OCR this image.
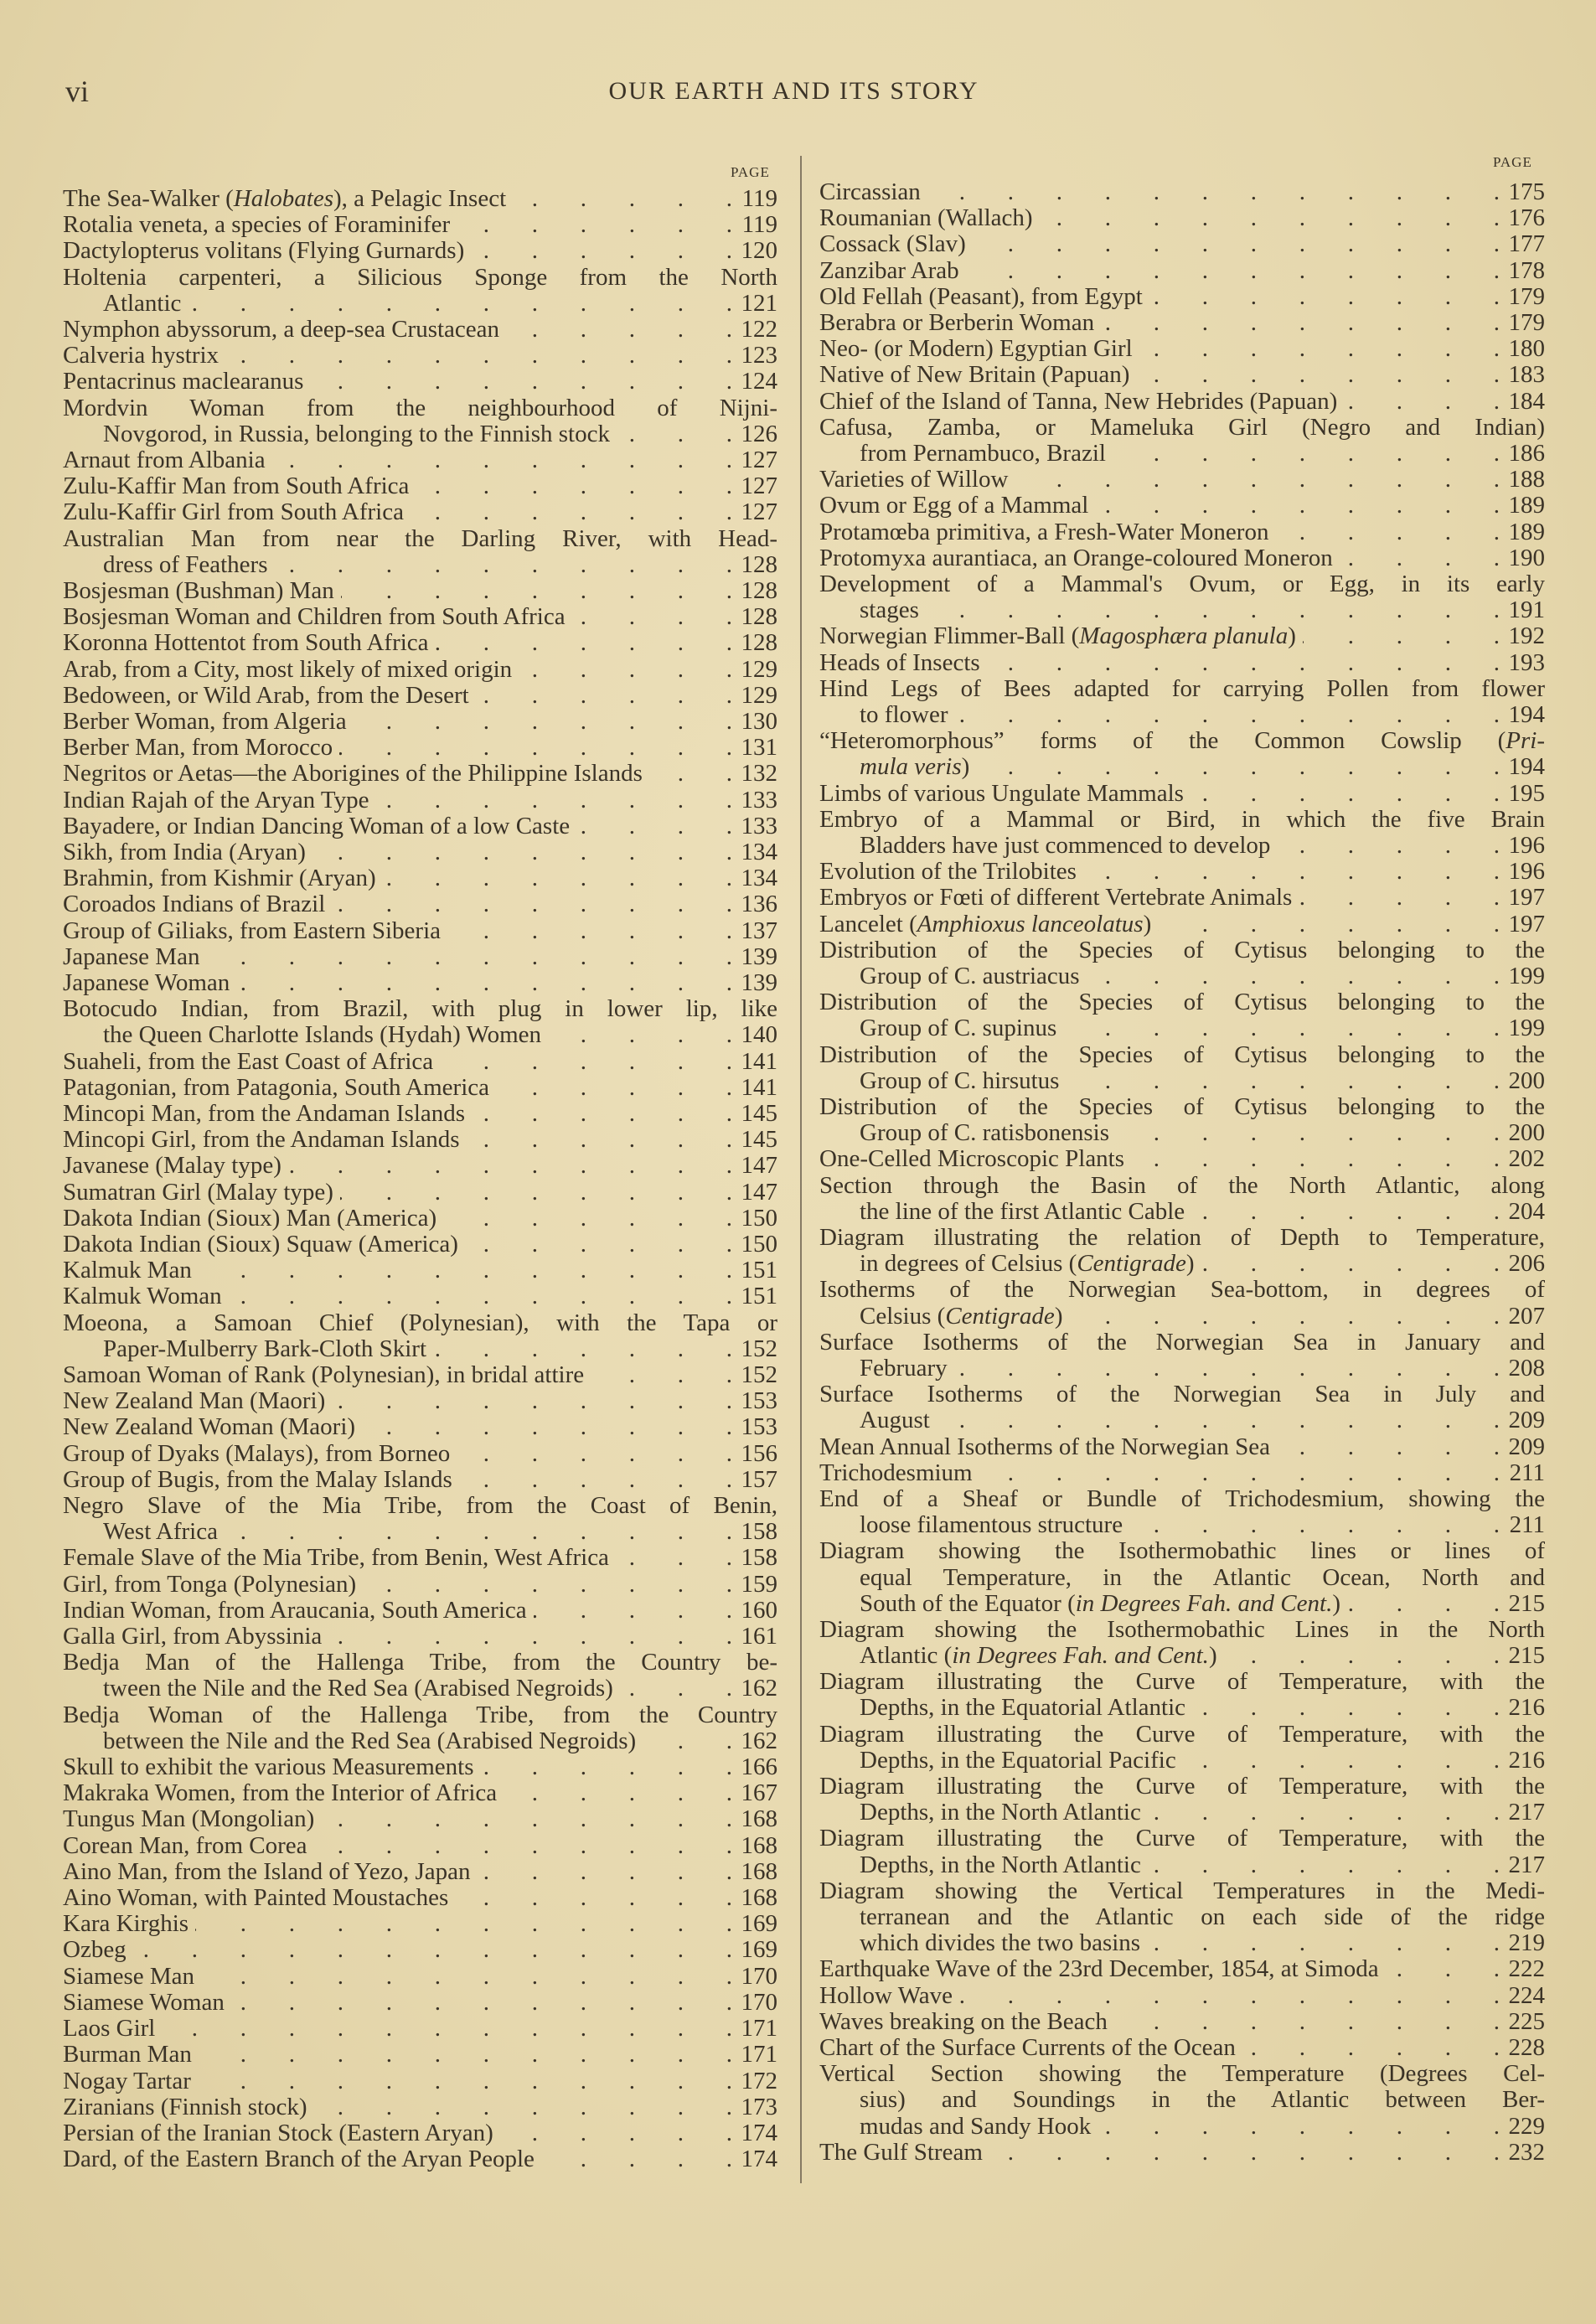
vi	OUR EARTH AND ITS STORY
PAGE
PAGE
The Sea-Walker (Halobates), a Pelagic Insect .	119
Rotalia veneta, a species of Foraminifer .	119
Dactylopterus volitans (Flying Gurnards) .	120
Holtenia carpenteri, a Silicious Sponge from the North
Atlantic .	121
Nymphon abyssorum, a deep-sea Crustacean .	122
Calveria hystrix .	123
Pentacrinus maclearanus .	124
Mordvin Woman from the neighbourhood of Nijni-
Novgorod, in Russia, belonging to the Finnish stock .	126
Arnaut from Albania .	127
Zulu-Kaffir Man from South Africa .	127
Zulu-Kaffir Girl from South Africa .	127
Australian Man from near the Darling River, with Head-
dress of Feathers .	128
Bosjesman (Bushman) Man .	128
Bosjesman Woman and Children from South Africa .	128
Koronna Hottentot from South Africa .	128
Arab, from a City, most likely of mixed origin .	129
Bedoween, or Wild Arab, from the Desert .	129
Berber Woman, from Algeria .	130
Berber Man, from Morocco .	131
Negritos or Aetas—the Aborigines of the Philippine Islands .	132
Indian Rajah of the Aryan Type .	133
Bayadere, or Indian Dancing Woman of a low Caste .	133
Sikh, from India (Aryan) .	134
Brahmin, from Kishmir (Aryan) .	134
Coroados Indians of Brazil .	136
Group of Giliaks, from Eastern Siberia .	137
Japanese Man .	139
Japanese Woman .	139
Botocudo Indian, from Brazil, with plug in lower lip, like
the Queen Charlotte Islands (Hydah) Women .	140
Suaheli, from the East Coast of Africa .	141
Patagonian, from Patagonia, South America .	141
Mincopi Man, from the Andaman Islands .	145
Mincopi Girl, from the Andaman Islands .	145
Javanese (Malay type) .	147
Sumatran Girl (Malay type) .	147
Dakota Indian (Sioux) Man (America) .	150
Dakota Indian (Sioux) Squaw (America) .	150
Kalmuk Man .	151
Kalmuk Woman .	151
Moeona, a Samoan Chief (Polynesian), with the Tapa or
Paper-Mulberry Bark-Cloth Skirt .	152
Samoan Woman of Rank (Polynesian), in bridal attire .	152
New Zealand Man (Maori) .	153
New Zealand Woman (Maori) .	153
Group of Dyaks (Malays), from Borneo .	156
Group of Bugis, from the Malay Islands .	157
Negro Slave of the Mia Tribe, from the Coast of Benin,
West Africa .	158
Female Slave of the Mia Tribe, from Benin, West Africa .	158
Girl, from Tonga (Polynesian) .	159
Indian Woman, from Araucania, South America .	160
Galla Girl, from Abyssinia .	161
Bedja Man of the Hallenga Tribe, from the Country be-
tween the Nile and the Red Sea (Arabised Negroids) .	162
Bedja Woman of the Hallenga Tribe, from the Country
between the Nile and the Red Sea (Arabised Negroids) .	162
Skull to exhibit the various Measurements .	166
Makraka Women, from the Interior of Africa .	167
Tungus Man (Mongolian) .	168
Corean Man, from Corea .	168
Aino Man, from the Island of Yezo, Japan .	168
Aino Woman, with Painted Moustaches .	168
Kara Kirghis .	169
Ozbeg .	169
Siamese Man .	170
Siamese Woman .	170
Laos Girl .	171
Burman Man .	171
Nogay Tartar .	172
Ziranians (Finnish stock) .	173
Persian of the Iranian Stock (Eastern Aryan) .	174
Dard, of the Eastern Branch of the Aryan People .	174
Circassian .	175
Roumanian (Wallach) .	176
Cossack (Slav) .	177
Zanzibar Arab .	178
Old Fellah (Peasant), from Egypt .	179
Berabra or Berberin Woman .	179
Neo- (or Modern) Egyptian Girl .	180
Native of New Britain (Papuan) .	183
Chief of the Island of Tanna, New Hebrides (Papuan) .	184
Cafusa, Zamba, or Mameluka Girl (Negro and Indian)
from Pernambuco, Brazil .	186
Varieties of Willow .	188
Ovum or Egg of a Mammal .	189
Protamœba primitiva, a Fresh-Water Moneron .	189
Protomyxa aurantiaca, an Orange-coloured Moneron .	190
Development of a Mammal's Ovum, or Egg, in its early
stages .	191
Norwegian Flimmer-Ball (Magosphæra planula) .	192
Heads of Insects .	193
Hind Legs of Bees adapted for carrying Pollen from flower
to flower .	194
“Heteromorphous” forms of the Common Cowslip (Pri-
mula veris) .	194
Limbs of various Ungulate Mammals .	195
Embryo of a Mammal or Bird, in which the five Brain
Bladders have just commenced to develop .	196
Evolution of the Trilobites .	196
Embryos or Fœti of different Vertebrate Animals .	197
Lancelet (Amphioxus lanceolatus) .	197
Distribution of the Species of Cytisus belonging to the
Group of C. austriacus .	199
Distribution of the Species of Cytisus belonging to the
Group of C. supinus .	199
Distribution of the Species of Cytisus belonging to the
Group of C. hirsutus .	200
Distribution of the Species of Cytisus belonging to the
Group of C. ratisbonensis .	200
One-Celled Microscopic Plants .	202
Section through the Basin of the North Atlantic, along
the line of the first Atlantic Cable .	204
Diagram illustrating the relation of Depth to Temperature,
in degrees of Celsius (Centigrade) .	206
Isotherms of the Norwegian Sea-bottom, in degrees of
Celsius (Centigrade) .	207
Surface Isotherms of the Norwegian Sea in January and
February .	208
Surface Isotherms of the Norwegian Sea in July and
August .	209
Mean Annual Isotherms of the Norwegian Sea .	209
Trichodesmium .	211
End of a Sheaf or Bundle of Trichodesmium, showing the
loose filamentous structure .	211
Diagram showing the Isothermobathic lines or lines of
equal Temperature, in the Atlantic Ocean, North and
South of the Equator (in Degrees Fah. and Cent.) .	215
Diagram showing the Isothermobathic Lines in the North
Atlantic (in Degrees Fah. and Cent.) .	215
Diagram illustrating the Curve of Temperature, with the
Depths, in the Equatorial Atlantic .	216
Diagram illustrating the Curve of Temperature, with the
Depths, in the Equatorial Pacific .	216
Diagram illustrating the Curve of Temperature, with the
Depths, in the North Atlantic .	217
Diagram illustrating the Curve of Temperature, with the
Depths, in the North Atlantic .	217
Diagram showing the Vertical Temperatures in the Medi-
terranean and the Atlantic on each side of the ridge
which divides the two basins .	219
Earthquake Wave of the 23rd December, 1854, at Simoda .	222
Hollow Wave .	224
Waves breaking on the Beach .	225
Chart of the Surface Currents of the Ocean .	228
Vertical Section showing the Temperature (Degrees Cel-
sius) and Soundings in the Atlantic between Ber-
mudas and Sandy Hook .	229
The Gulf Stream .	232
